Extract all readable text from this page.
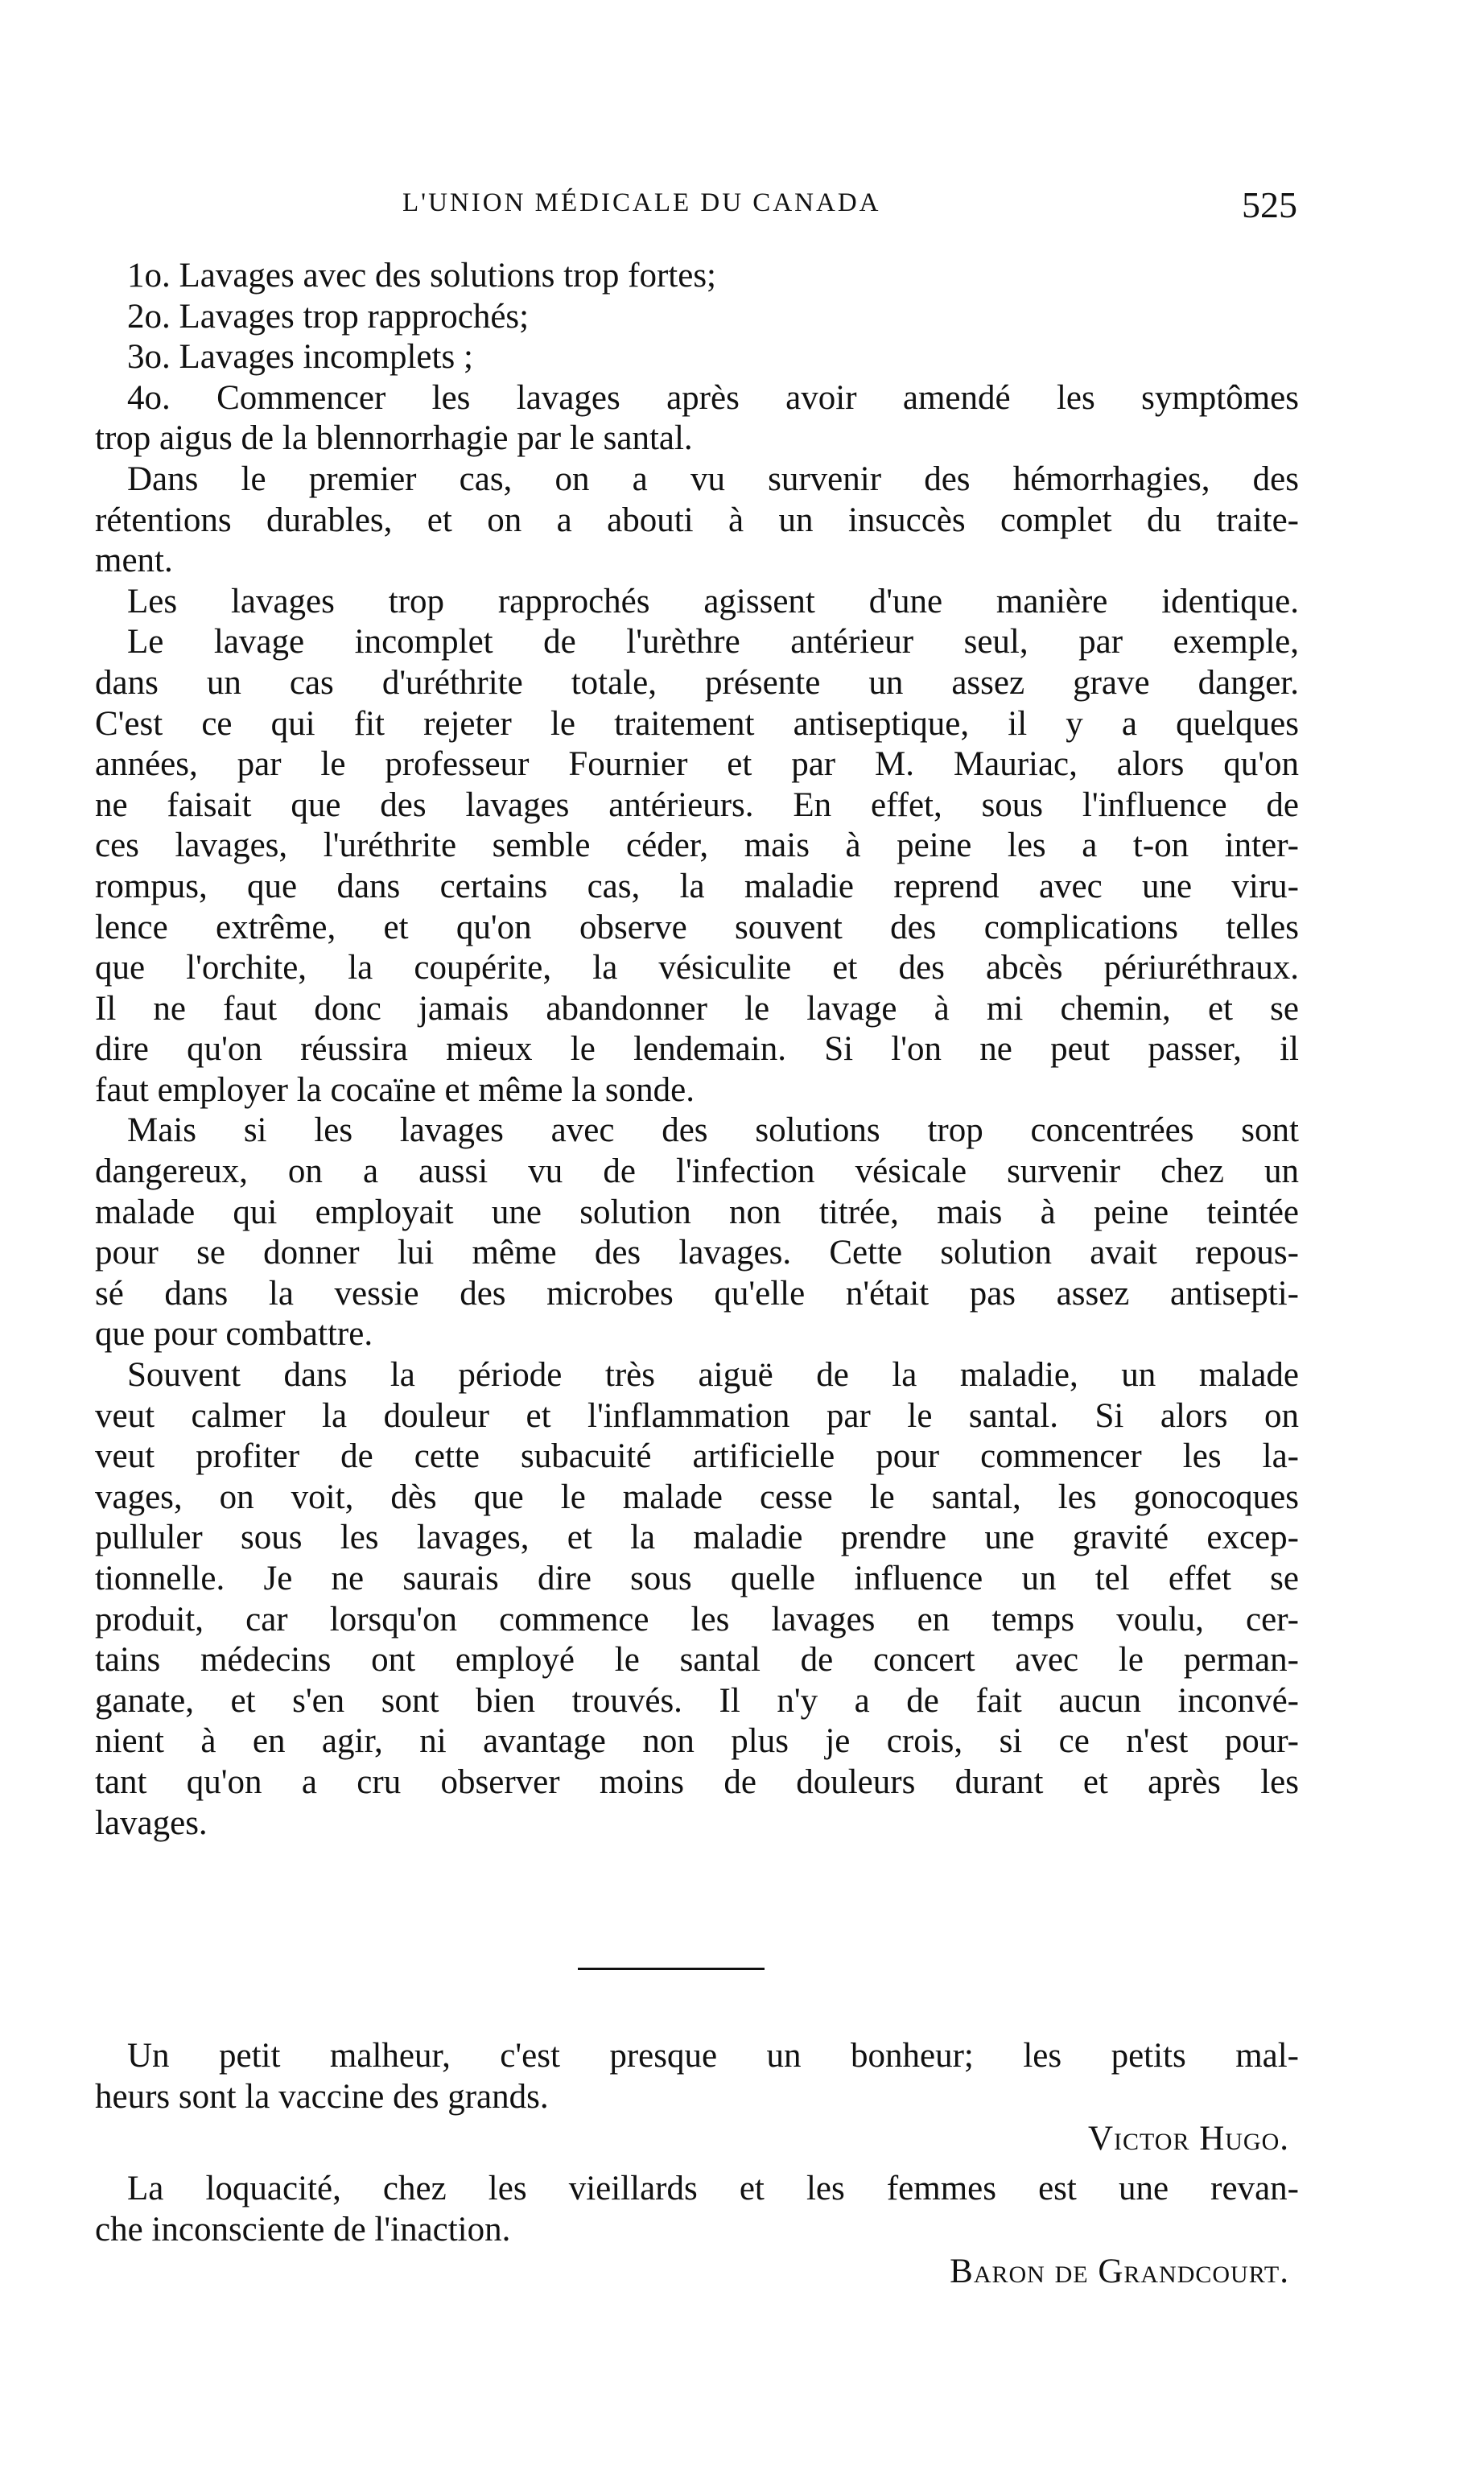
L'UNION MÉDICALE DU CANADA	525
1o. Lavages avec des solutions trop fortes;
2o. Lavages trop rapprochés;
3o. Lavages incomplets ;
4o. Commencer les lavages après avoir amendé les symptômes
trop aigus de la blennorrhagie par le santal.
Dans le premier cas, on a vu survenir des hémorrhagies, des
rétentions durables, et on a abouti à un insuccès complet du traite-
ment.
Les lavages trop rapprochés agissent d'une manière identique.
Le lavage incomplet de l'urèthre antérieur seul, par exemple,
dans un cas d'uréthrite totale, présente un assez grave danger.
C'est ce qui fit rejeter le traitement antiseptique, il y a quelques
années, par le professeur Fournier et par M. Mauriac, alors qu'on
ne faisait que des lavages antérieurs. En effet, sous l'influence de
ces lavages, l'uréthrite semble céder, mais à peine les a t-on inter-
rompus, que dans certains cas, la maladie reprend avec une viru-
lence extrême, et qu'on observe souvent des complications telles
que l'orchite, la coupérite, la vésiculite et des abcès périuréthraux.
Il ne faut donc jamais abandonner le lavage à mi chemin, et se
dire qu'on réussira mieux le lendemain. Si l'on ne peut passer, il
faut employer la cocaïne et même la sonde.
Mais si les lavages avec des solutions trop concentrées sont
dangereux, on a aussi vu de l'infection vésicale survenir chez un
malade qui employait une solution non titrée, mais à peine teintée
pour se donner lui même des lavages. Cette solution avait repous-
sé dans la vessie des microbes qu'elle n'était pas assez antisepti-
que pour combattre.
Souvent dans la période très aiguë de la maladie, un malade
veut calmer la douleur et l'inflammation par le santal. Si alors on
veut profiter de cette subacuité artificielle pour commencer les la-
vages, on voit, dès que le malade cesse le santal, les gonocoques
pulluler sous les lavages, et la maladie prendre une gravité excep-
tionnelle. Je ne saurais dire sous quelle influence un tel effet se
produit, car lorsqu'on commence les lavages en temps voulu, cer-
tains médecins ont employé le santal de concert avec le perman-
ganate, et s'en sont bien trouvés. Il n'y a de fait aucun inconvé-
nient à en agir, ni avantage non plus je crois, si ce n'est pour-
tant qu'on a cru observer moins de douleurs durant et après les
lavages.
Un petit malheur, c'est presque un bonheur; les petits mal-
heurs sont la vaccine des grands.
Victor Hugo.
La loquacité, chez les vieillards et les femmes est une revan-
che inconsciente de l'inaction.
Baron de Grandcourt.
